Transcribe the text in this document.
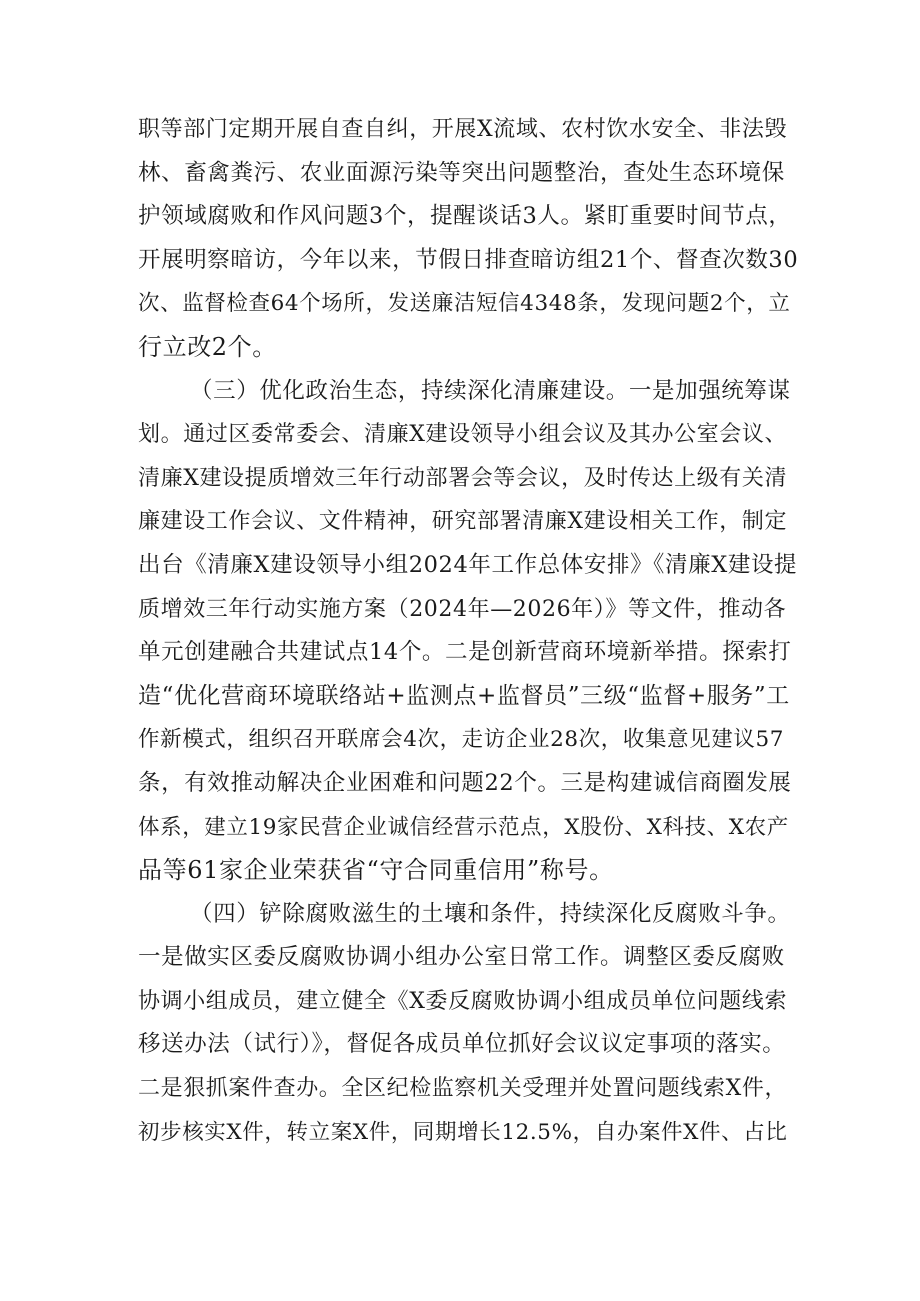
职等部门定期开展自查自纠，开展X流域、农村饮水安全、非法毁
林、畜禽粪污、农业面源污染等突出问题整治，查处生态环境保
护领域腐败和作风问题3个，提醒谈话3人。紧盯重要时间节点，
开展明察暗访，今年以来，节假日排查暗访组21个、督查次数30
次、监督检查64个场所，发送廉洁短信4348条，发现问题2个，立
行立改2个。
（三）优化政治生态，持续深化清廉建设。一是加强统筹谋
划。通过区委常委会、清廉X建设领导小组会议及其办公室会议、
清廉X建设提质增效三年行动部署会等会议，及时传达上级有关清
廉建设工作会议、文件精神，研究部署清廉X建设相关工作，制定
出台《清廉X建设领导小组2024年工作总体安排》《清廉X建设提
质增效三年行动实施方案（2024年—2026年）》等文件，推动各
单元创建融合共建试点14个。二是创新营商环境新举措。探索打
造“优化营商环境联络站+监测点+监督员”三级“监督+服务”工
作新模式，组织召开联席会4次，走访企业28次，收集意见建议57
条，有效推动解决企业困难和问题22个。三是构建诚信商圈发展
体系，建立19家民营企业诚信经营示范点，X股份、X科技、X农产
品等61家企业荣获省“守合同重信用”称号。
（四）铲除腐败滋生的土壤和条件，持续深化反腐败斗争。
一是做实区委反腐败协调小组办公室日常工作。调整区委反腐败
协调小组成员，建立健全《X委反腐败协调小组成员单位问题线索
移送办法（试行）》，督促各成员单位抓好会议议定事项的落实。
二是狠抓案件查办。全区纪检监察机关受理并处置问题线索X件，
初步核实X件，转立案X件，同期增长12.5%，自办案件X件、占比
